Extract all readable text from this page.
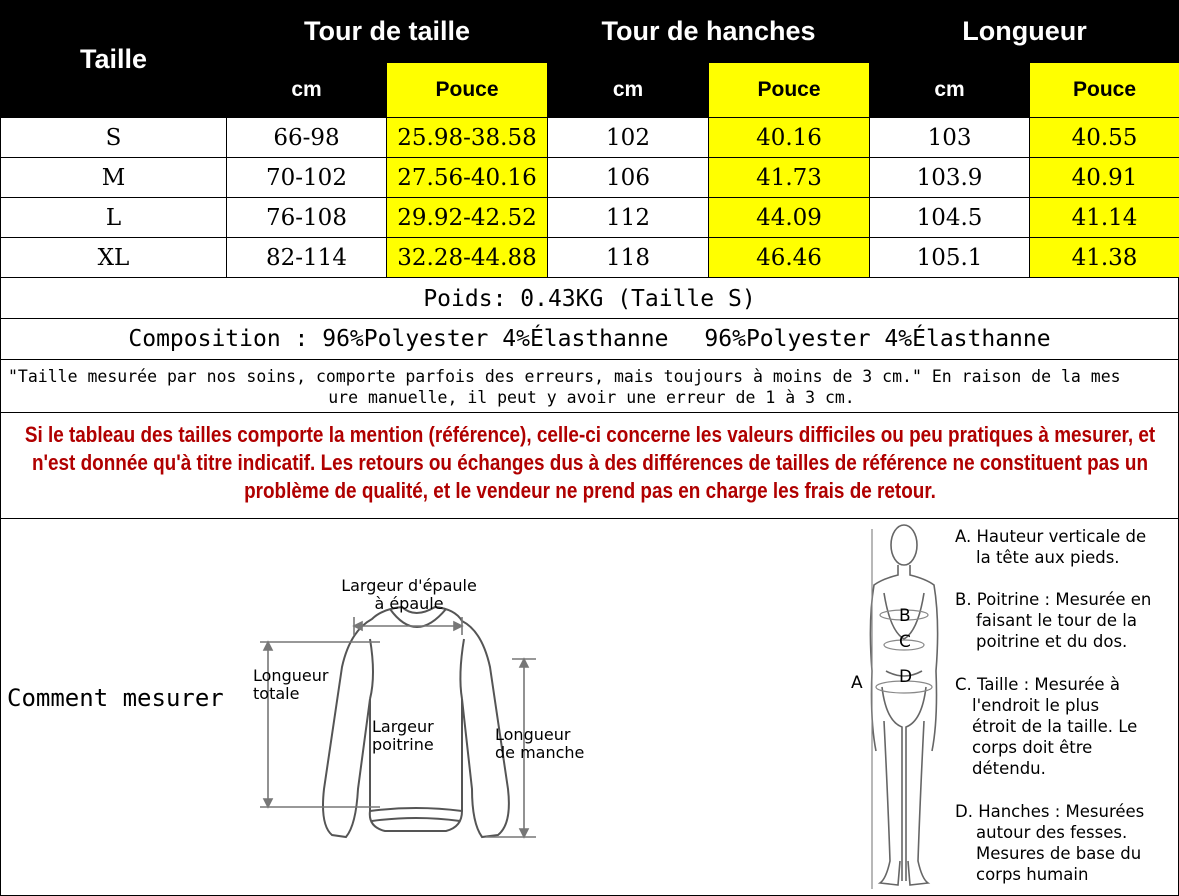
Taille	Tour de taille		Tour de hanches		Longueur	
	cm	Pouce	cm	Pouce	cm	Pouce
S	66-98	25.98-38.58	102	40.16	103	40.55
M	70-102	27.56-40.16	106	41.73	103.9	40.91
L	76-108	29.92-42.52	112	44.09	104.5	41.14
XL	82-114	32.28-44.88	118	46.46	105.1	41.38
Poids: 0.43KG (Taille S)
Composition : 96%Polyester 4%Élasthanne 96%Polyester 4%Élasthanne
"Taille mesurée par nos soins, comporte parfois des erreurs, mais toujours à moins de 3 cm." En raison de la mes
ure manuelle, il peut y avoir une erreur de 1 à 3 cm.
Si le tableau des tailles comporte la mention (référence), celle-ci concerne les valeurs difficiles ou peu pratiques à mesurer, et n'est donnée qu'à titre indicatif. Les retours ou échanges dus à des différences de tailles de référence ne constituent pas un problème de qualité, et le vendeur ne prend pas en charge les frais de retour.
Comment mesurer
Largeur d'épaule
à épaule
Longueur
totale
Largeur
poitrine
Longueur
de manche
A
B
C
D
A. Hauteur verticale de
la tête aux pieds.
B. Poitrine : Mesurée en
faisant le tour de la
poitrine et du dos.
C. Taille : Mesurée à
l'endroit le plus
étroit de la taille. Le
corps doit être
détendu.
D. Hanches : Mesurées
autour des fesses.
Mesures de base du
corps humain
